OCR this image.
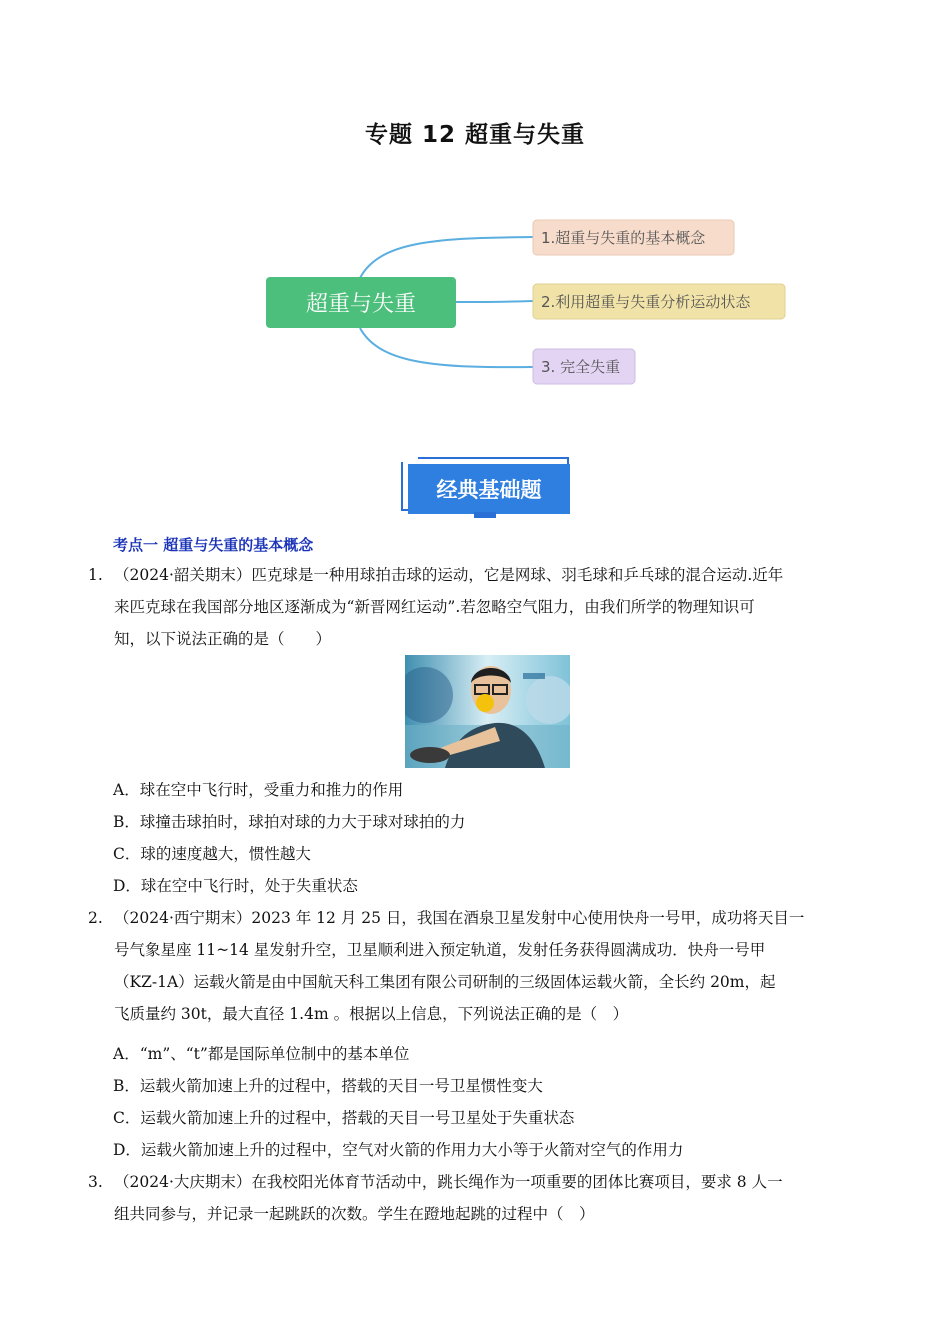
专题 12 超重与失重
超重与失重
1.超重与失重的基本概念
2.利用超重与失重分析运动状态
3. 完全失重
经典基础题
考点一 超重与失重的基本概念
1. （2024·韶关期末）匹克球是一种用球拍击球的运动，它是网球、羽毛球和乒乓球的混合运动.近年
来匹克球在我国部分地区逐渐成为“新晋网红运动”.若忽略空气阻力，由我们所学的物理知识可
知，以下说法正确的是（　　）
A．球在空中飞行时，受重力和推力的作用
B．球撞击球拍时，球拍对球的力大于球对球拍的力
C．球的速度越大，惯性越大
D．球在空中飞行时，处于失重状态
2. （2024·西宁期末）2023 年 12 月 25 日，我国在酒泉卫星发射中心使用快舟一号甲，成功将天目一
号气象星座 11~14 星发射升空，卫星顺利进入预定轨道，发射任务获得圆满成功．快舟一号甲
（KZ-1A）运载火箭是由中国航天科工集团有限公司研制的三级固体运载火箭，全长约 20m，起
飞质量约 30t，最大直径 1.4m 。根据以上信息，下列说法正确的是（　）
A．“m”、“t”都是国际单位制中的基本单位
B．运载火箭加速上升的过程中，搭载的天目一号卫星惯性变大
C．运载火箭加速上升的过程中，搭载的天目一号卫星处于失重状态
D．运载火箭加速上升的过程中，空气对火箭的作用力大小等于火箭对空气的作用力
3. （2024·大庆期末）在我校阳光体育节活动中，跳长绳作为一项重要的团体比赛项目，要求 8 人一
组共同参与，并记录一起跳跃的次数。学生在蹬地起跳的过程中（　）
